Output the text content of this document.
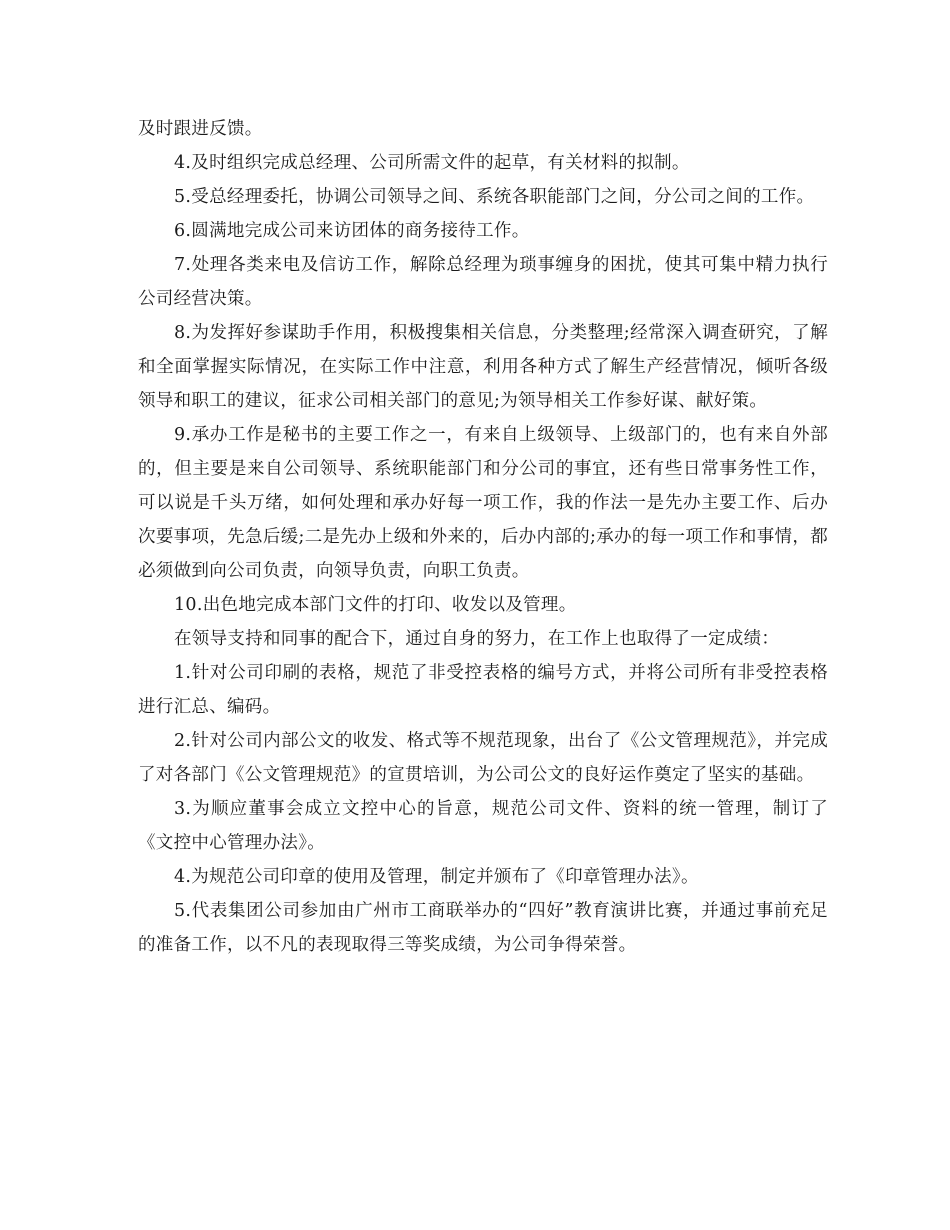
及时跟进反馈。

4.及时组织完成总经理、公司所需文件的起草，有关材料的拟制。

5.受总经理委托，协调公司领导之间、系统各职能部门之间，分公司之间的工作。

6.圆满地完成公司来访团体的商务接待工作。

7.处理各类来电及信访工作，解除总经理为琐事缠身的困扰，使其可集中精力执行公司经营决策。

8.为发挥好参谋助手作用，积极搜集相关信息，分类整理;经常深入调查研究，了解和全面掌握实际情况，在实际工作中注意，利用各种方式了解生产经营情况，倾听各级领导和职工的建议，征求公司相关部门的意见;为领导相关工作参好谋、献好策。

9.承办工作是秘书的主要工作之一，有来自上级领导、上级部门的，也有来自外部的，但主要是来自公司领导、系统职能部门和分公司的事宜，还有些日常事务性工作，可以说是千头万绪，如何处理和承办好每一项工作，我的作法一是先办主要工作、后办次要事项，先急后缓;二是先办上级和外来的，后办内部的;承办的每一项工作和事情，都必须做到向公司负责，向领导负责，向职工负责。

10.出色地完成本部门文件的打印、收发以及管理。

在领导支持和同事的配合下，通过自身的努力，在工作上也取得了一定成绩：

1.针对公司印刷的表格，规范了非受控表格的编号方式，并将公司所有非受控表格进行汇总、编码。

2.针对公司内部公文的收发、格式等不规范现象，出台了《公文管理规范》，并完成了对各部门《公文管理规范》的宣贯培训，为公司公文的良好运作奠定了坚实的基础。

3.为顺应董事会成立文控中心的旨意，规范公司文件、资料的统一管理，制订了《文控中心管理办法》。

4.为规范公司印章的使用及管理，制定并颁布了《印章管理办法》。

5.代表集团公司参加由广州市工商联举办的“四好”教育演讲比赛，并通过事前充足的准备工作，以不凡的表现取得三等奖成绩，为公司争得荣誉。
